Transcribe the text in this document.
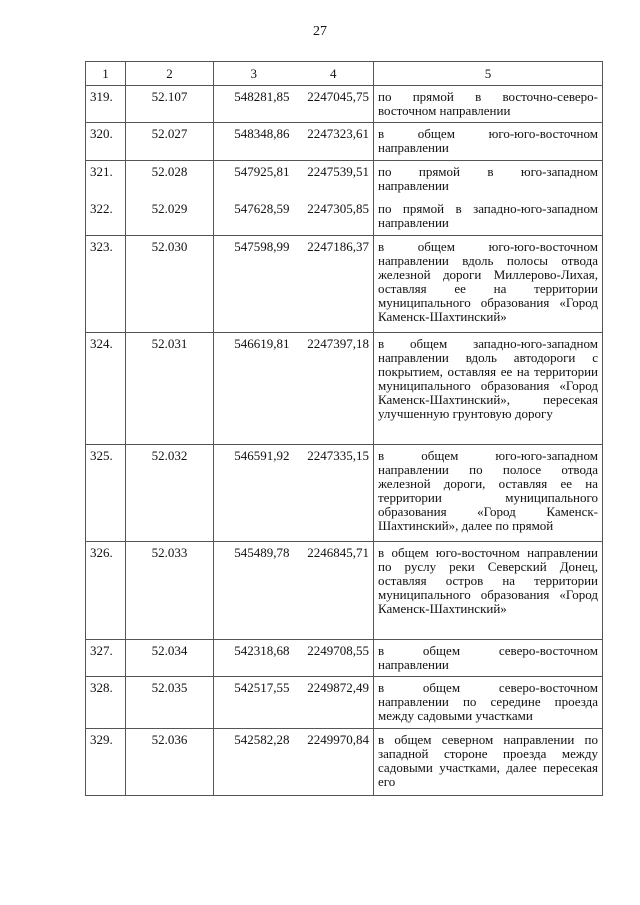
27
1	2	3	4	5
319.	52.107	548281,85	2247045,75	по прямой в восточно-северо-восточном направлении
320.	52.027	548348,86	2247323,61	в общем юго-юго-восточном направлении
321.	52.028	547925,81	2247539,51	по прямой в юго-западном направлении
322.	52.029	547628,59	2247305,85	по прямой в западно-юго-западном направлении
323.	52.030	547598,99	2247186,37	в общем юго-юго-восточном направлении вдоль полосы отвода железной дороги Миллерово-Лихая, оставляя ее на территории муниципального образования «Город Каменск-Шахтинский»
324.	52.031	546619,81	2247397,18	в общем западно-юго-западном направлении вдоль автодороги с покрытием, оставляя ее на территории муниципального образования «Город Каменск-Шахтинский», пересекая улучшенную грунтовую дорогу
325.	52.032	546591,92	2247335,15	в общем юго-юго-западном направлении по полосе отвода железной дороги, оставляя ее на территории муниципального образования «Город Каменск-Шахтинский», далее по прямой
326.	52.033	545489,78	2246845,71	в общем юго-восточном направлении по руслу реки Северский Донец, оставляя остров на территории муниципального образования «Город Каменск-Шахтинский»
327.	52.034	542318,68	2249708,55	в общем северо-восточном направлении
328.	52.035	542517,55	2249872,49	в общем северо-восточном направлении по середине проезда между садовыми участками
329.	52.036	542582,28	2249970,84	в общем северном направлении по западной стороне проезда между садовыми участками, далее пересекая его
